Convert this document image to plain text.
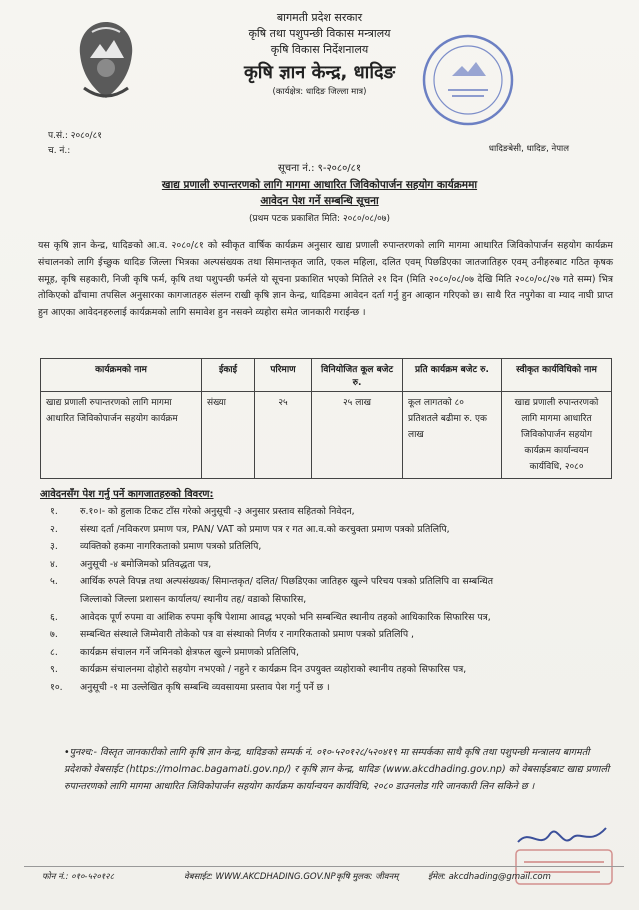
बागमती प्रदेश सरकार
कृषि तथा पशुपन्छी विकास मन्त्रालय
कृषि विकास निर्देशनालय
कृषि ज्ञान केन्द्र, धादिङ
(कार्यक्षेत्र: धादिङ जिल्ला मात्र)
प.सं.: २०८०/८१
च. नं.:	धादिङबेसी, धादिङ, नेपाल
सूचना नं.: ९-२०८०/८१
खाद्य प्रणाली रुपान्तरणको लागि मागमा आधारित जिविकोपार्जन सहयोग कार्यक्रममा
आवेदन पेश गर्ने सम्बन्धि सूचना
(प्रथम पटक प्रकाशित मिति: २०८०/०८/०७)
यस कृषि ज्ञान केन्द्र, धादिङको आ.व. २०८०/८१ को स्वीकृत वार्षिक कार्यक्रम अनुसार खाद्य प्रणाली रुपान्तरणको लागि मागमा आधारित जिविकोपार्जन सहयोग कार्यक्रम संचालनको लागि ईच्छुक धादिङ जिल्ला भित्रका अल्पसंख्यक तथा सिमान्तकृत जाति, एकल महिला, दलित एवम् पिछडिएका जातजातिहरु एवम् उनीहरुबाट गठित कृषक समूह, कृषि सहकारी, निजी कृषि फर्म, कृषि तथा पशुपन्छी फर्मले यो सूचना प्रकाशित भएको मितिले २१ दिन (मिति २०८०/०८/०७ देखि मिति २०८०/०८/२७ गते सम्म) भित्र तोकिएको ढाँचामा तपसिल अनुसारका कागजातहरु संलग्न राखी कृषि ज्ञान केन्द्र, धादिङमा आवेदन दर्ता गर्नु हुन आव्हान गरिएको छ। साथै रित नपुगेका वा म्याद नाघी प्राप्त हुन आएका आवेदनहरुलाई कार्यक्रमको लागि समावेश हुन नसक्ने व्यहोरा समेत जानकारी गराईन्छ ।
कार्यक्रमको नाम	ईकाई	परिमाण	विनियोजित कूल बजेट रु.	प्रति कार्यक्रम बजेट रु.	स्वीकृत कार्यविधिको नाम
खाद्य प्रणाली रुपान्तरणको लागि मागमा आधारित जिविकोपार्जन सहयोग कार्यक्रम	संख्या	२५	२५ लाख	कूल लागतको ८० प्रतिशतले बढीमा रु. एक लाख	खाद्य प्रणाली रुपान्तरणको लागि मागमा आधारित जिविकोपार्जन सहयोग कार्यक्रम कार्यान्वयन कार्यविधि, २०८०
आवेदनसँग पेश गर्नु पर्ने कागजातहरुको विवरण:
१. रु.१०।- को हुलाक टिकट टाँस गरेको अनुसूची -३ अनुसार प्रस्ताव सहितको निवेदन,
२. संस्था दर्ता /नविकरण प्रमाण पत्र, PAN/ VAT को प्रमाण पत्र र गत आ.व.को करचुक्ता प्रमाण पत्रको प्रतिलिपि,
३. व्यक्तिको हकमा नागरिकताको प्रमाण पत्रको प्रतिलिपि,
४. अनुसूची -४ बमोजिमको प्रतिवद्धता पत्र,
५. आर्थिक रुपले विपन्न तथा अल्पसंख्यक/ सिमान्तकृत/ दलित/ पिछडिएका जातिहरु खुल्ने परिचय पत्रको प्रतिलिपि वा सम्बन्धित
जिल्लाको जिल्ला प्रशासन कार्यालय/ स्थानीय तह/ वडाको सिफारिस,
६. आवेदक पूर्ण रुपमा वा आंशिक रुपमा कृषि पेशामा आवद्ध भएको भनि सम्बन्धित स्थानीय तहको आधिकारिक सिफारिस पत्र,
७. सम्बन्धित संस्थाले जिम्मेवारी तोकेको पत्र वा संस्थाको निर्णय र नागरिकताको प्रमाण पत्रको प्रतिलिपि ,
८. कार्यक्रम संचालन गर्ने जमिनको क्षेत्रफल खुल्ने प्रमाणको प्रतिलिपि,
९. कार्यक्रम संचालनमा दोहोरो सहयोग नभएको / नहुने र कार्यक्रम दिन उपयुक्त व्यहोराको स्थानीय तहको सिफारिस पत्र,
१०. अनुसूची -१ मा उल्लेखित कृषि सम्बन्धि व्यवसायमा प्रस्ताव पेश गर्नु पर्ने छ ।
•पुनश्च:- विस्तृत जानकारीको लागि कृषि ज्ञान केन्द्र, धादिङको सम्पर्क नं. ०१०-५२०१२८/५२०४१९ मा सम्पर्कका साथै कृषि तथा पशुपन्छी मन्त्रालय बागमती प्रदेशको वेबसाईट (https://molmac.bagamati.gov.np/) र कृषि ज्ञान केन्द्र, धादिङ (www.akcdhading.gov.np) को वेबसाईडबाट खाद्य प्रणाली रुपान्तरणको लागि मागमा आधारित जिविकोपार्जन सहयोग कार्यक्रम कार्यान्वयन कार्यविधि, २०८० डाउनलोड गरि जानकारी लिन सकिने छ ।
फोन नं.: ०१०-५२०१२८	वेबसाईट: WWW.AKCDHADING.GOV.NP कृषि मुलक: जीवनम्	ईमेल: akcdhading@gmail.com
